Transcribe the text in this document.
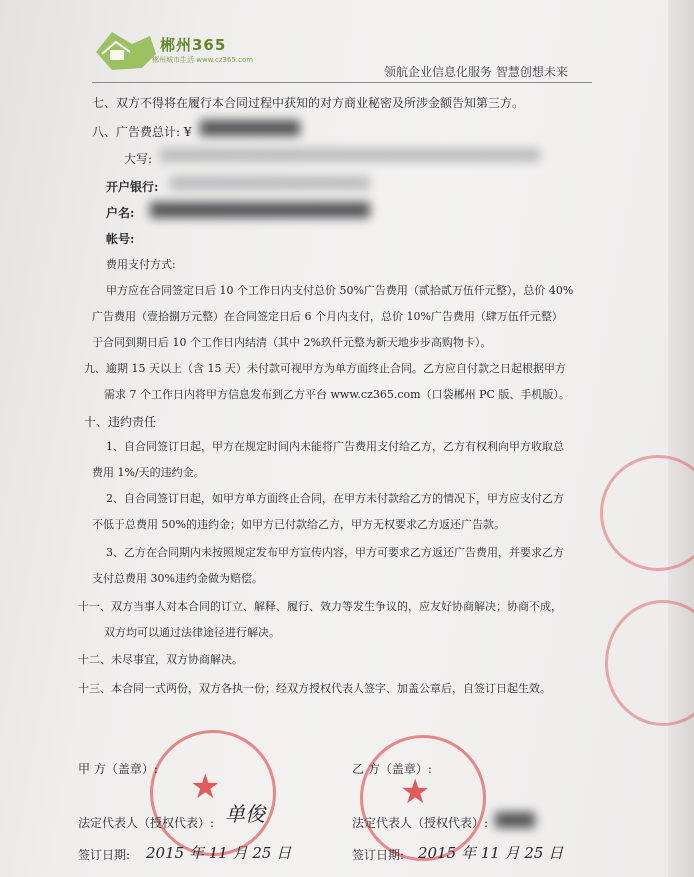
郴州365
郴州城市生活 www.cz365.com
领航企业信息化服务 智慧创想未来
七、双方不得将在履行本合同过程中获知的对方商业秘密及所涉金额告知第三方。
八、广告费总计: ¥
大写:
开户银行:
户名:
帐号:
费用支付方式:
甲方应在合同签定日后 10 个工作日内支付总价 50%广告费用（贰拾贰万伍仟元整），总价 40%
广告费用（壹拾捌万元整）在合同签定日后 6 个月内支付，总价 10%广告费用（肆万伍仟元整）
于合同到期日后 10 个工作日内结清（其中 2%玖仟元整为新天地步步高购物卡）。
九、逾期 15 天以上（含 15 天）未付款可视甲方为单方面终止合同。乙方应自付款之日起根据甲方
需求 7 个工作日内将甲方信息发布到乙方平台 www.cz365.com（口袋郴州 PC 版、手机版）。
十、违约责任
1、自合同签订日起，甲方在规定时间内未能将广告费用支付给乙方，乙方有权利向甲方收取总
费用 1%/天的违约金。
2、自合同签订日起，如甲方单方面终止合同，在甲方未付款给乙方的情况下，甲方应支付乙方
不低于总费用 50%的违约金；如甲方已付款给乙方，甲方无权要求乙方返还广告款。
3、乙方在合同期内未按照规定发布甲方宣传内容，甲方可要求乙方返还广告费用，并要求乙方
支付总费用 30%违约金做为赔偿。
十一、双方当事人对本合同的订立、解释、履行、效力等发生争议的，应友好协商解决；协商不成，
双方均可以通过法律途径进行解决。
十二、未尽事宜，双方协商解决。
十三、本合同一式两份，双方各执一份；经双方授权代表人签字、加盖公章后，自签订日起生效。
★	★
甲 方（盖章）:	乙 方（盖章）:
法定代表人（授权代表）:	法定代表人（授权代表）:
单俊
签订日期: 2015 年 11 月 25 日	签订日期: 2015 年 11 月 25 日
